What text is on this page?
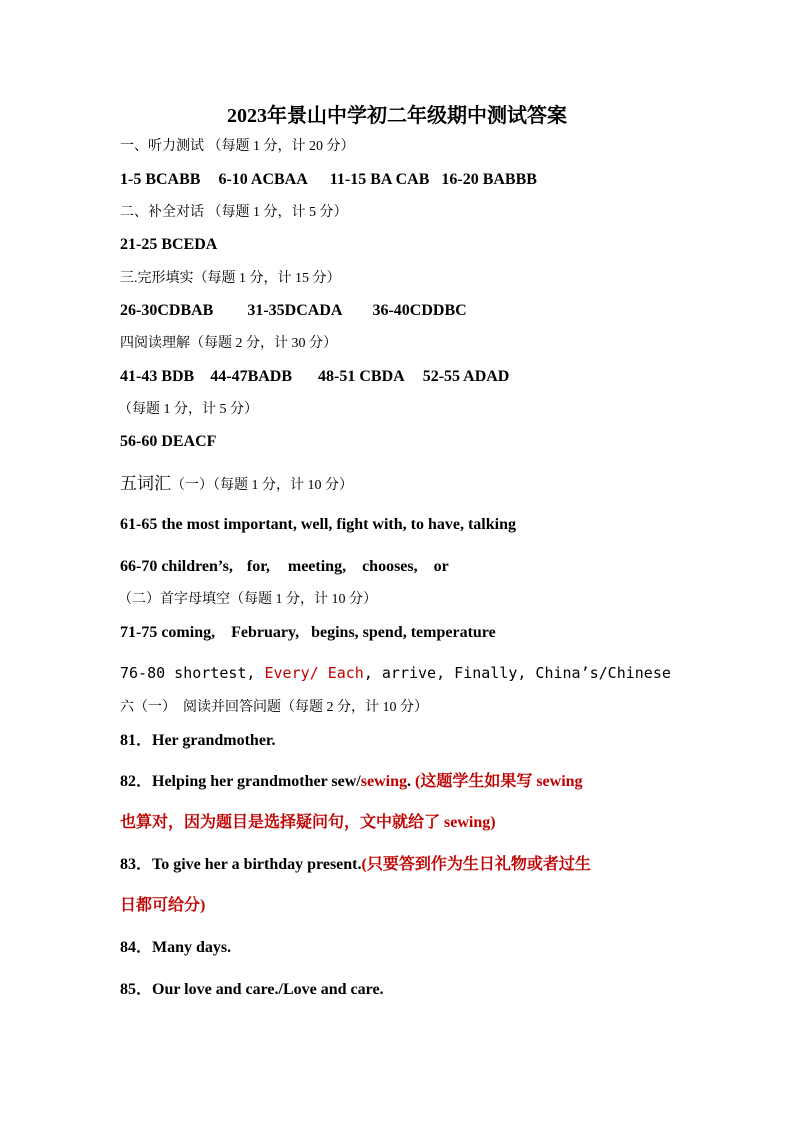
2023年景山中学初二年级期中测试答案
一、听力测试 （每题 1 分，计 20 分）
1-5 BCABB 6-10 ACBAA 11-15 BA CAB 16-20 BABBB
二、补全对话 （每题 1 分，计 5 分）
21-25 BCEDA
三.完形填实（每题 1 分，计 15 分）
26-30CDBAB 31-35DCADA 36-40CDDBC
四阅读理解（每题 2 分，计 30 分）
41-43 BDB 44-47BADB 48-51 CBDA 52-55 ADAD
（每题 1 分，计 5 分）
56-60 DEACF
五词汇（一）（每题 1 分，计 10 分）
61-65 the most important, well, fight with, to have, talking
66-70 children’s, for, meeting, chooses, or
（二）首字母填空（每题 1 分，计 10 分）
71-75 coming, February, begins, spend, temperature
76-80 shortest, Every/ Each, arrive, Finally, China’s/Chinese
六（一）　阅读并回答问题（每题 2 分，计 10 分）
81．Her grandmother.
82．Helping her grandmother sew/sewing. (这题学生如果写 sewing
也算对，因为题目是选择疑问句，文中就给了 sewing)
83．To give her a birthday present.(只要答到作为生日礼物或者过生
日都可给分)
84．Many days.
85．Our love and care./Love and care.
